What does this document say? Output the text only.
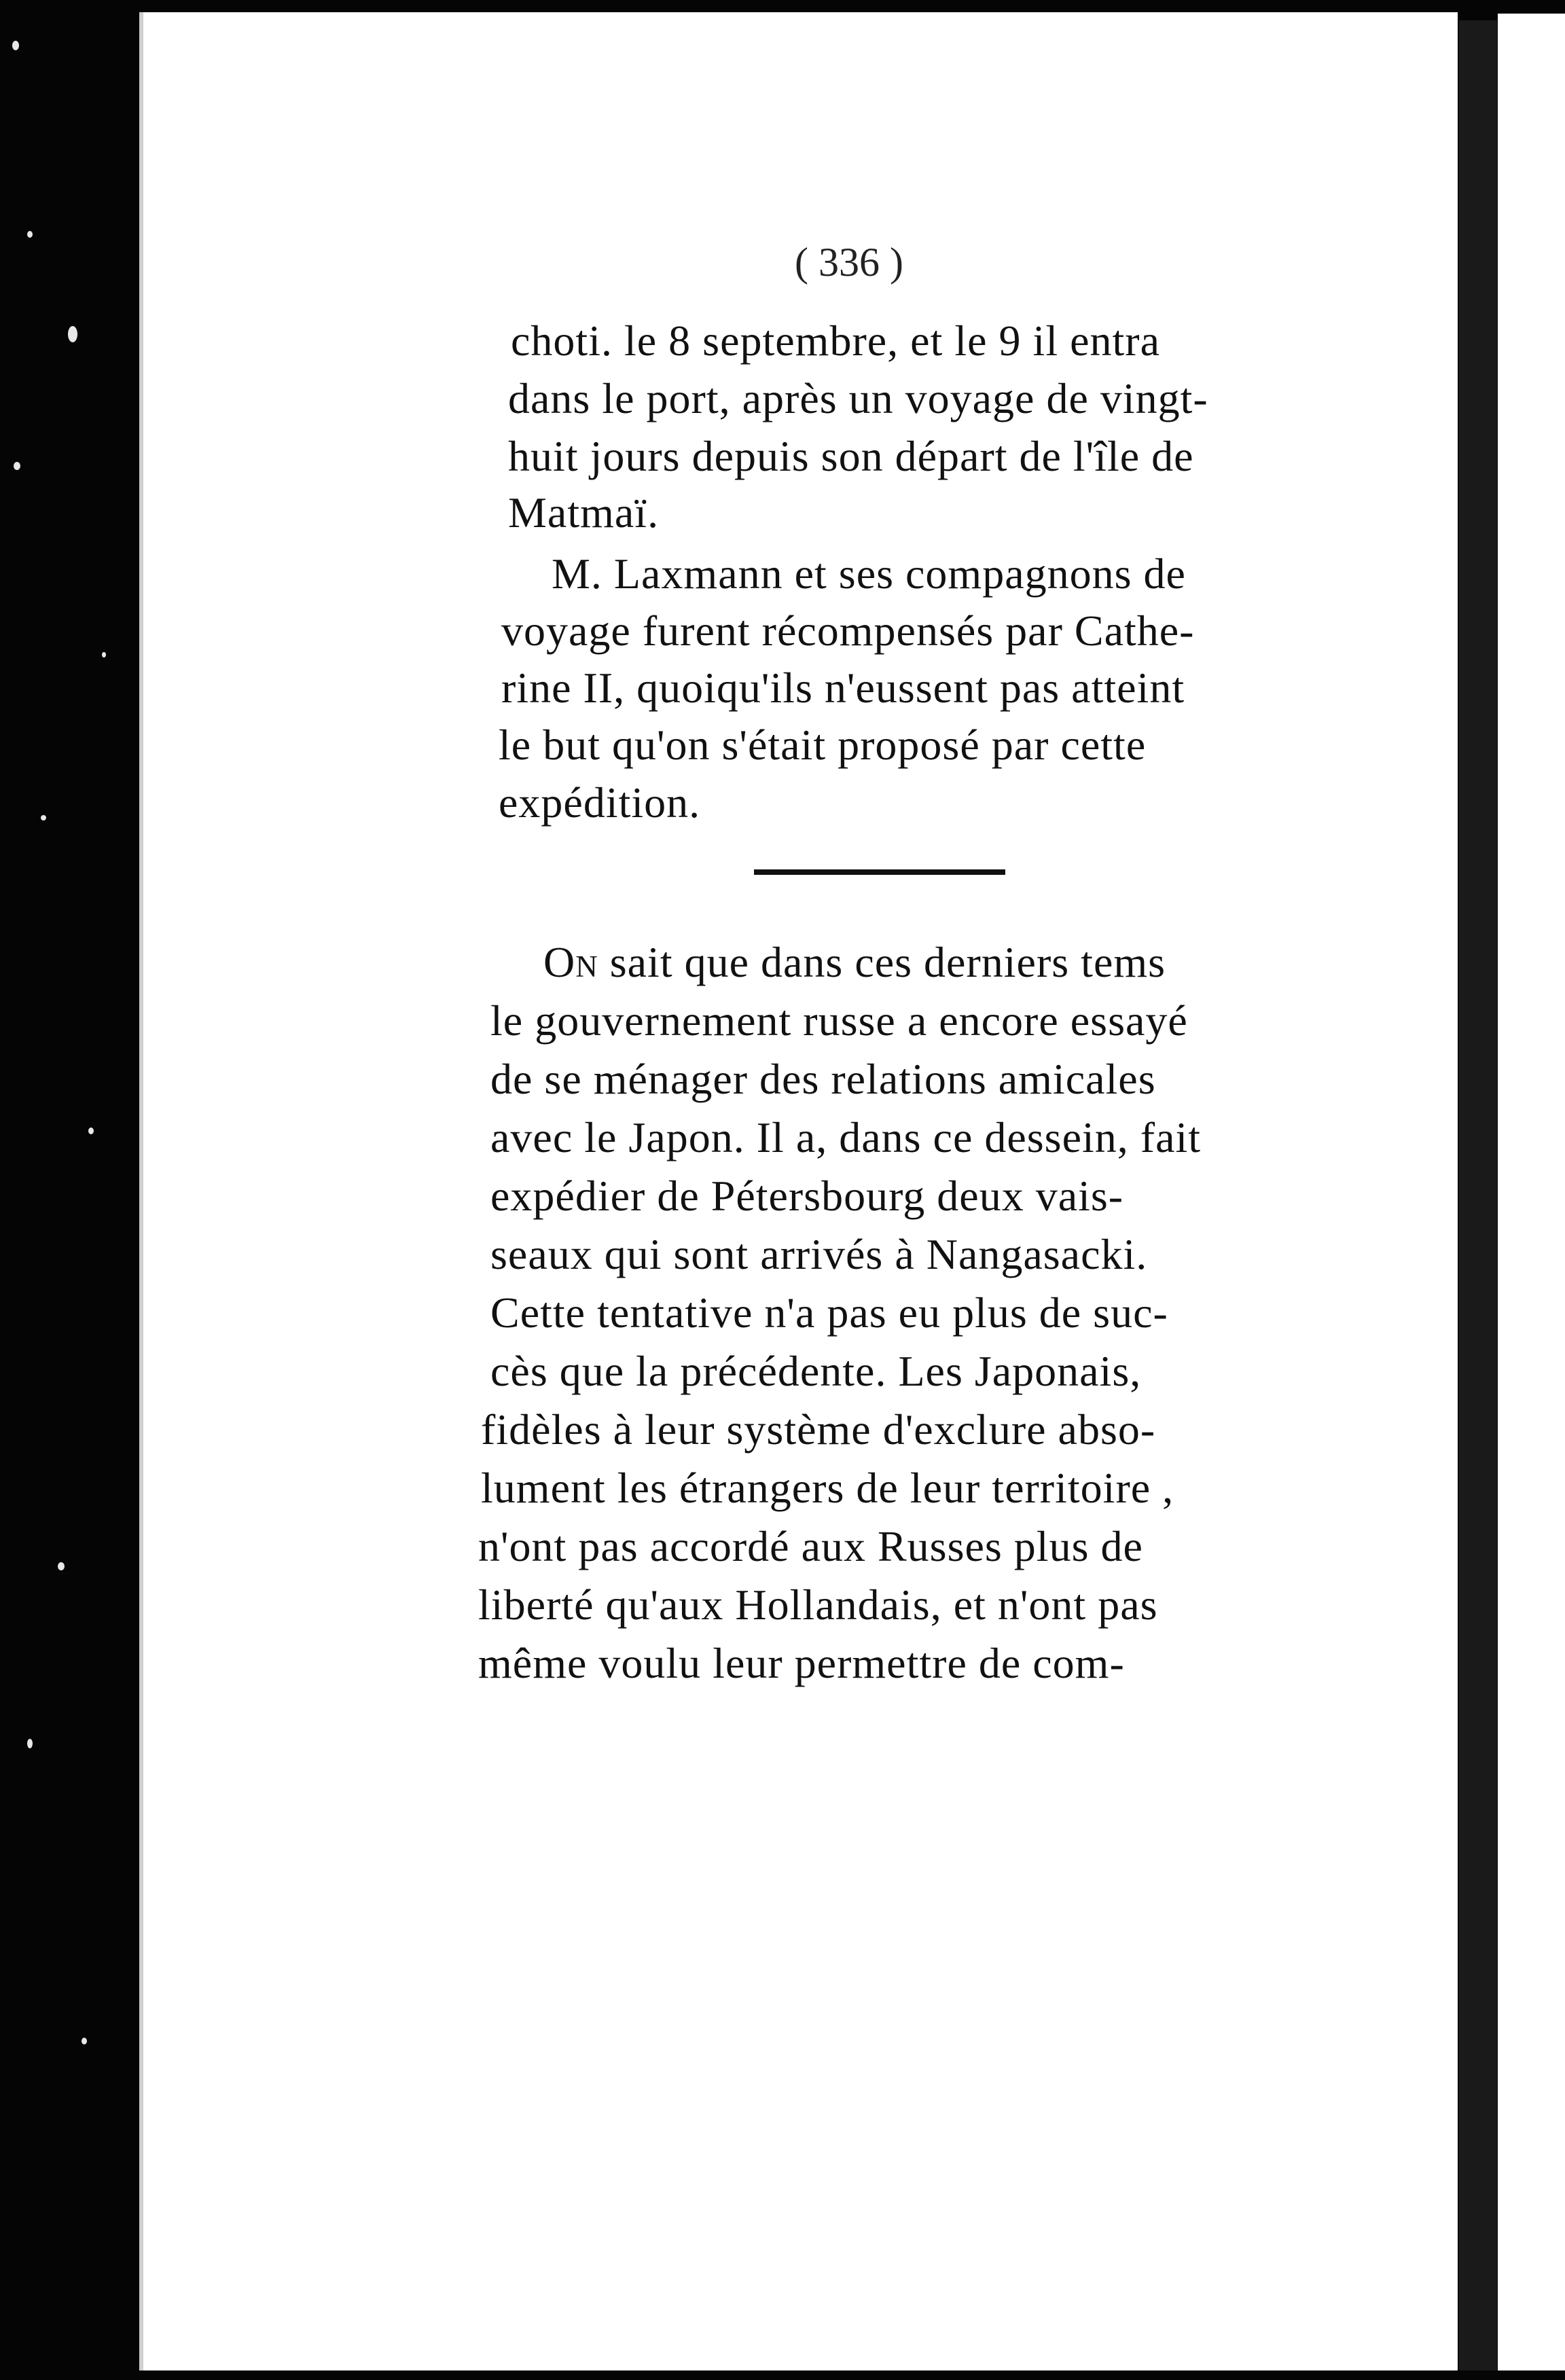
( 336 )
choti. le 8 septembre, et le 9 il entra
dans le port, après un voyage de vingt-
huit jours depuis son départ de l'île de
Matmaï.
M. Laxmann et ses compagnons de
voyage furent récompensés par Cathe-
rine II, quoiqu'ils n'eussent pas atteint
le but qu'on s'était proposé par cette
expédition.
On sait que dans ces derniers tems
le gouvernement russe a encore essayé
de se ménager des relations amicales
avec le Japon. Il a, dans ce dessein, fait
expédier de Pétersbourg deux vais-
seaux qui sont arrivés à Nangasacki.
Cette tentative n'a pas eu plus de suc-
cès que la précédente. Les Japonais,
fidèles à leur système d'exclure abso-
lument les étrangers de leur territoire ,
n'ont pas accordé aux Russes plus de
liberté qu'aux Hollandais, et n'ont pas
même voulu leur permettre de com-
